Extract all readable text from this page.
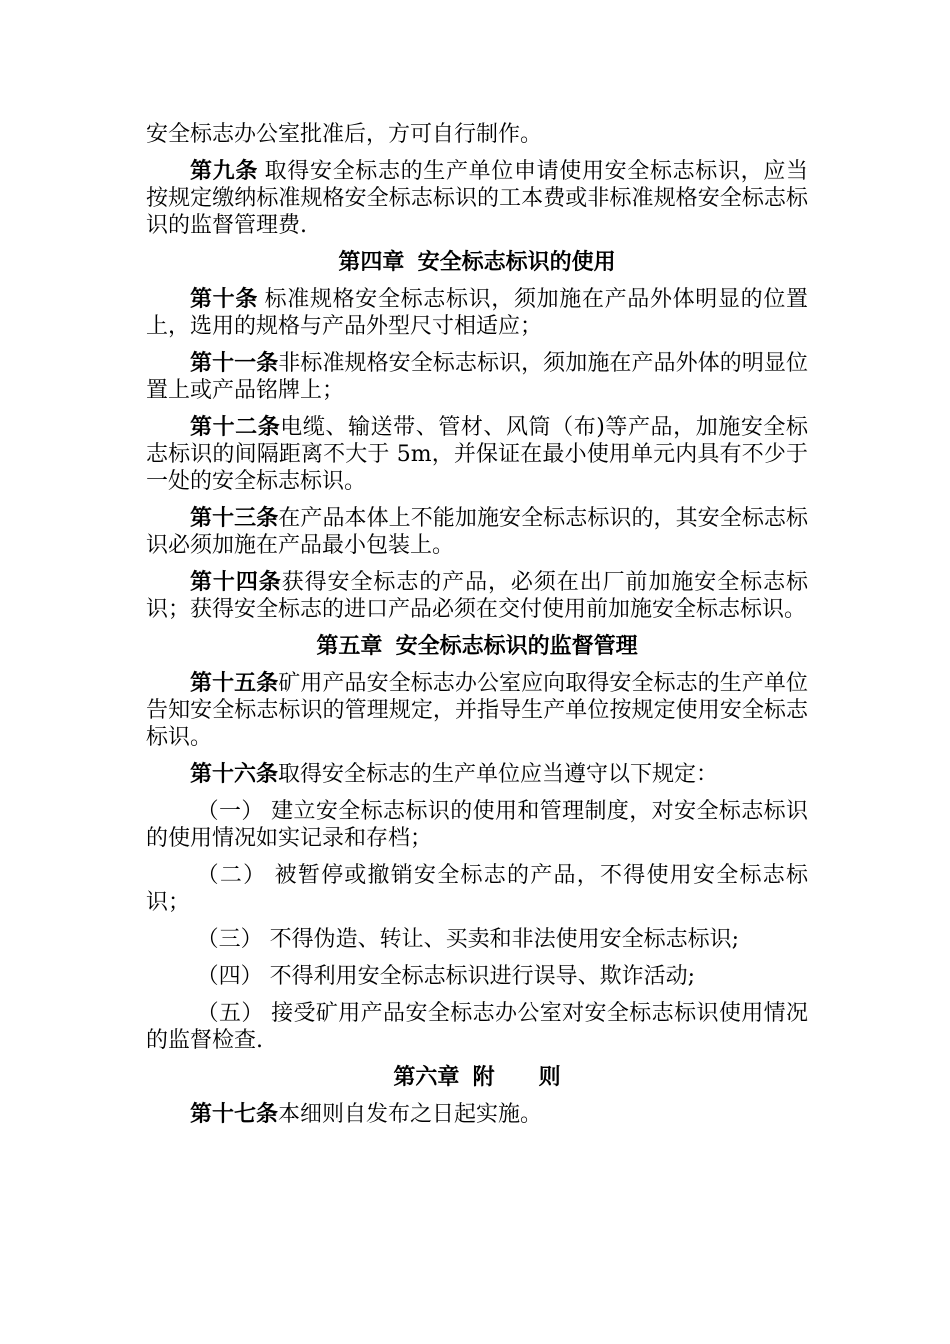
安全标志办公室批准后，方可自行制作。

第九条 取得安全标志的生产单位申请使用安全标志标识，应当按规定缴纳标准规格安全标志标识的工本费或非标准规格安全标志标识的监督管理费.

第四章 安全标志标识的使用

第十条 标准规格安全标志标识，须加施在产品外体明显的位置上，选用的规格与产品外型尺寸相适应；

第十一条非标准规格安全标志标识，须加施在产品外体的明显位置上或产品铭牌上；

第十二条电缆、输送带、管材、风筒（布)等产品，加施安全标志标识的间隔距离不大于 5m，并保证在最小使用单元内具有不少于一处的安全标志标识。

第十三条在产品本体上不能加施安全标志标识的，其安全标志标识必须加施在产品最小包装上。

第十四条获得安全标志的产品，必须在出厂前加施安全标志标识；获得安全标志的进口产品必须在交付使用前加施安全标志标识。

第五章 安全标志标识的监督管理

第十五条矿用产品安全标志办公室应向取得安全标志的生产单位告知安全标志标识的管理规定，并指导生产单位按规定使用安全标志标识。

第十六条取得安全标志的生产单位应当遵守以下规定：

（一） 建立安全标志标识的使用和管理制度，对安全标志标识的使用情况如实记录和存档；

（二） 被暂停或撤销安全标志的产品，不得使用安全标志标识；

（三） 不得伪造、转让、买卖和非法使用安全标志标识;

（四） 不得利用安全标志标识进行误导、欺诈活动;

（五） 接受矿用产品安全标志办公室对安全标志标识使用情况的监督检查.

第六章 附　　则

第十七条本细则自发布之日起实施。
